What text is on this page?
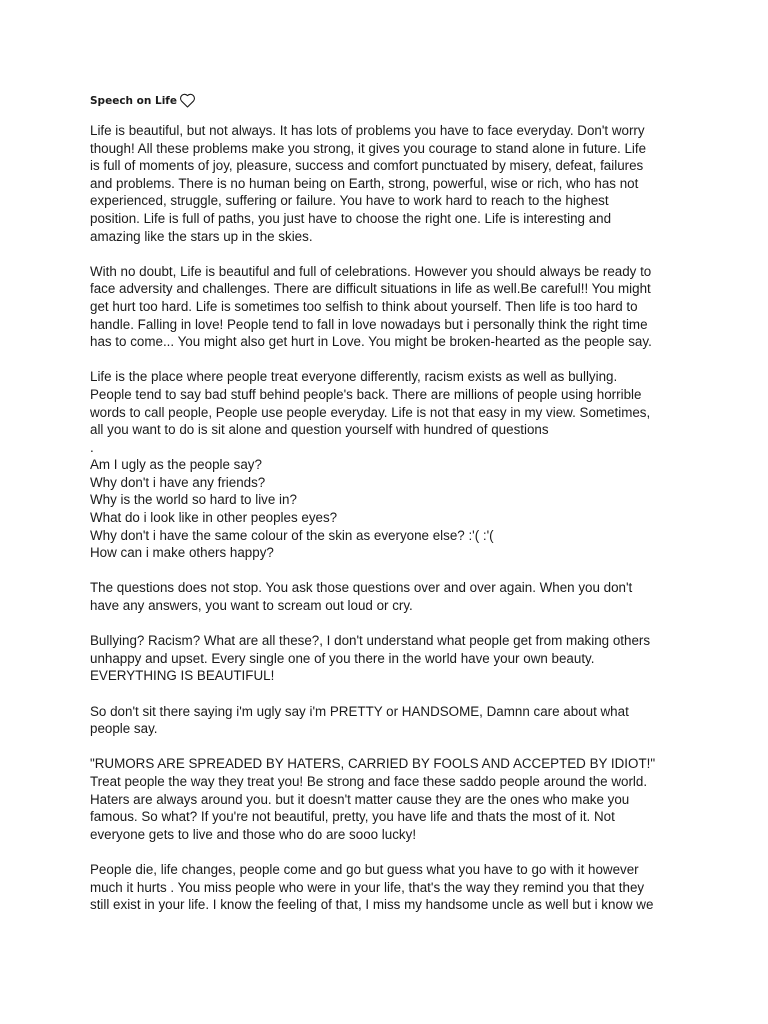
Speech on Life
Life is beautiful, but not always. It has lots of problems you have to face everyday. Don't worry
though! All these problems make you strong, it gives you courage to stand alone in future. Life
is full of moments of joy, pleasure, success and comfort punctuated by misery, defeat, failures
and problems. There is no human being on Earth, strong, powerful, wise or rich, who has not
experienced, struggle, suffering or failure. You have to work hard to reach to the highest
position. Life is full of paths, you just have to choose the right one. Life is interesting and
amazing like the stars up in the skies.
With no doubt, Life is beautiful and full of celebrations. However you should always be ready to
face adversity and challenges. There are difficult situations in life as well.Be careful!! You might
get hurt too hard. Life is sometimes too selfish to think about yourself. Then life is too hard to
handle. Falling in love! People tend to fall in love nowadays but i personally think the right time
has to come... You might also get hurt in Love. You might be broken-hearted as the people say.
Life is the place where people treat everyone differently, racism exists as well as bullying.
People tend to say bad stuff behind people's back. There are millions of people using horrible
words to call people, People use people everyday. Life is not that easy in my view. Sometimes,
all you want to do is sit alone and question yourself with hundred of questions
.
Am I ugly as the people say?
Why don't i have any friends?
Why is the world so hard to live in?
What do i look like in other peoples eyes?
Why don't i have the same colour of the skin as everyone else? :'( :'(
How can i make others happy?
The questions does not stop. You ask those questions over and over again. When you don't
have any answers, you want to scream out loud or cry.
Bullying? Racism? What are all these?, I don't understand what people get from making others
unhappy and upset. Every single one of you there in the world have your own beauty.
EVERYTHING IS BEAUTIFUL!
So don't sit there saying i'm ugly say i'm PRETTY or HANDSOME, Damnn care about what
people say.
"RUMORS ARE SPREADED BY HATERS, CARRIED BY FOOLS AND ACCEPTED BY IDIOT!"
Treat people the way they treat you! Be strong and face these saddo people around the world.
Haters are always around you. but it doesn't matter cause they are the ones who make you
famous. So what? If you're not beautiful, pretty, you have life and thats the most of it. Not
everyone gets to live and those who do are sooo lucky!
People die, life changes, people come and go but guess what you have to go with it however
much it hurts . You miss people who were in your life, that's the way they remind you that they
still exist in your life. I know the feeling of that, I miss my handsome uncle as well but i know we
